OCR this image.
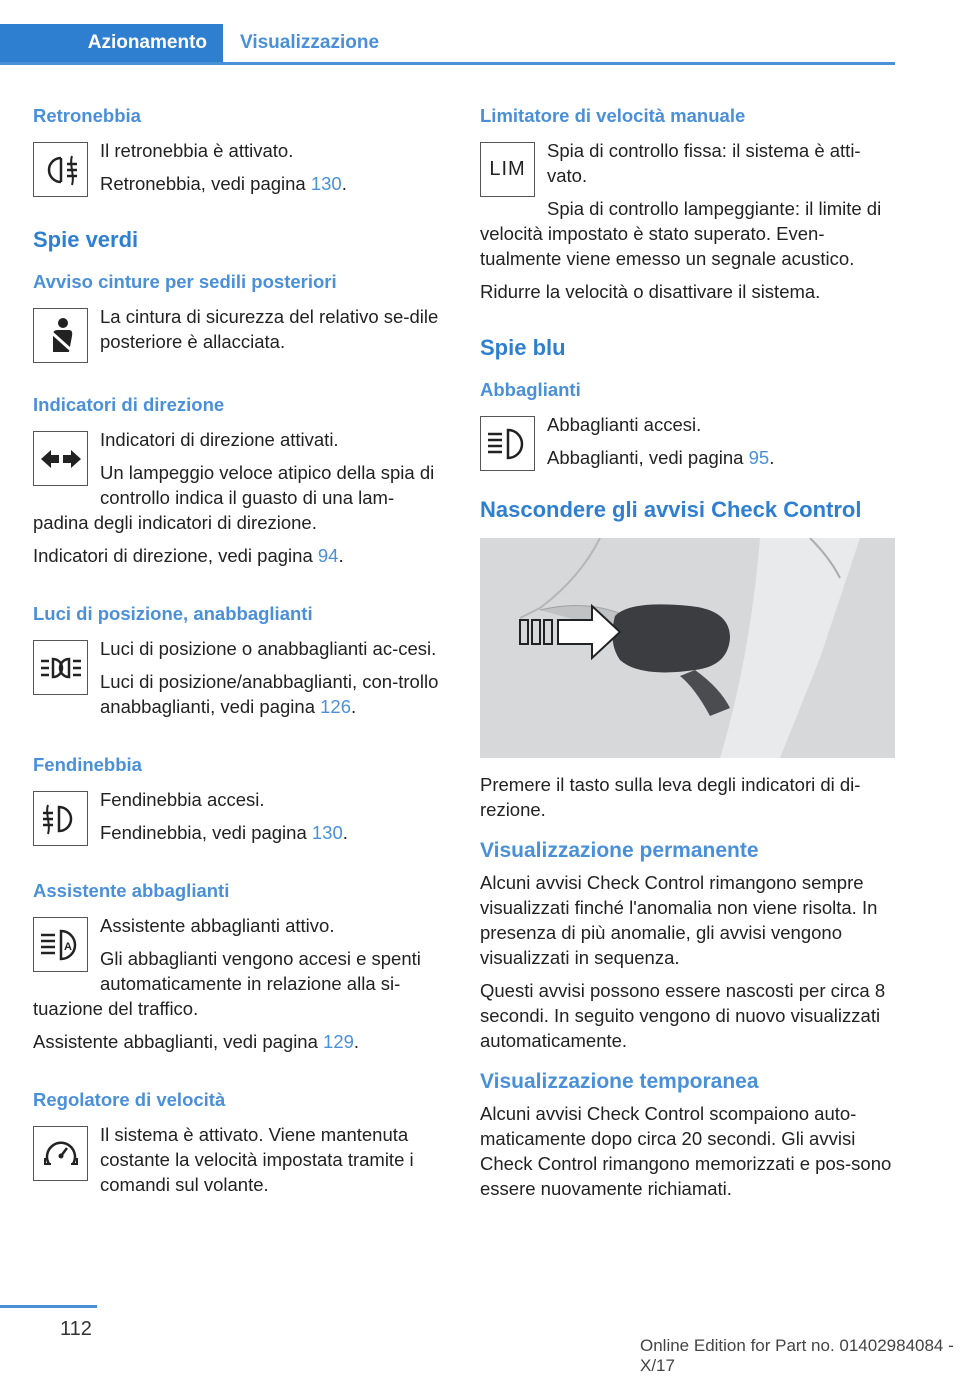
Azionamento	Visualizzazione
Retronebbia

Il retronebbia è attivato.

Retronebbia, vedi pagina 130.

Spie verdi
Avviso cinture per sedili posteriori

La cintura di sicurezza del relativo se‐dile posteriore è allacciata.

Indicatori di direzione

Indicatori di direzione attivati.

Un lampeggio veloce atipico della spia di controllo indica il guasto di una lam‐padina degli indicatori di direzione.

Indicatori di direzione, vedi pagina 94.

Luci di posizione, anabbaglianti

Luci di posizione o anabbaglianti ac‐cesi.

Luci di posizione/anabbaglianti, con‐trollo anabbaglianti, vedi pagina 126.

Fendinebbia

Fendinebbia accesi.

Fendinebbia, vedi pagina 130.

Assistente abbaglianti
A

Assistente abbaglianti attivo.

Gli abbaglianti vengono accesi e spenti automaticamente in relazione alla si‐tuazione del traffico.

Assistente abbaglianti, vedi pagina 129.

Regolatore di velocità

Il sistema è attivato. Viene mantenuta costante la velocità impostata tramite i comandi sul volante.

Limitatore di velocità manuale
LIM

Spia di controllo fissa: il sistema è atti‐vato.

Spia di controllo lampeggiante: il limite di velocità impostato è stato superato. Even‐tualmente viene emesso un segnale acustico.

Ridurre la velocità o disattivare il sistema.

Spie blu
Abbaglianti

Abbaglianti accesi.

Abbaglianti, vedi pagina 95.

Nascondere gli avvisi Check Control

Premere il tasto sulla leva degli indicatori di di‐rezione.

Visualizzazione permanente

Alcuni avvisi Check Control rimangono sempre visualizzati finché l'anomalia non viene risolta. In presenza di più anomalie, gli avvisi vengono visualizzati in sequenza.

Questi avvisi possono essere nascosti per circa 8 secondi. In seguito vengono di nuovo visualizzati automaticamente.

Visualizzazione temporanea

Alcuni avvisi Check Control scompaiono auto‐maticamente dopo circa 20 secondi. Gli avvisi Check Control rimangono memorizzati e pos‐sono essere nuovamente richiamati.

112
Online Edition for Part no. 01402984084 - X/17
